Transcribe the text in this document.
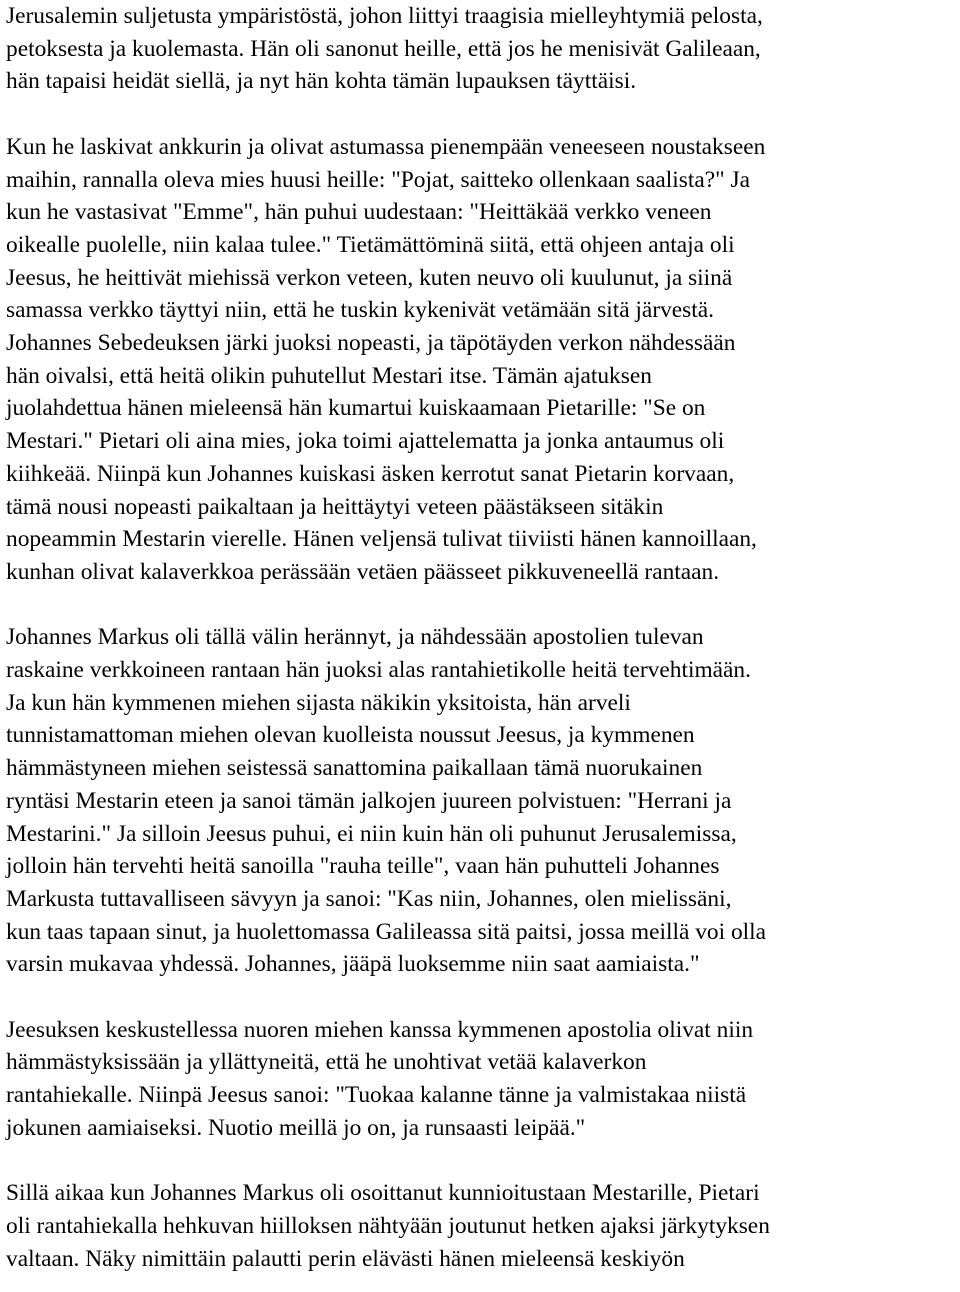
Jerusalemin suljetusta ympäristöstä, johon liittyi traagisia mielleyhtymiä pelosta,
petoksesta ja kuolemasta. Hän oli sanonut heille, että jos he menisivät Galileaan,
hän tapaisi heidät siellä, ja nyt hän kohta tämän lupauksen täyttäisi.

Kun he laskivat ankkurin ja olivat astumassa pienempään veneeseen noustakseen
maihin, rannalla oleva mies huusi heille: "Pojat, saitteko ollenkaan saalista?" Ja
kun he vastasivat "Emme", hän puhui uudestaan: "Heittäkää verkko veneen
oikealle puolelle, niin kalaa tulee." Tietämättöminä siitä, että ohjeen antaja oli
Jeesus, he heittivät miehissä verkon veteen, kuten neuvo oli kuulunut, ja siinä
samassa verkko täyttyi niin, että he tuskin kykenivät vetämään sitä järvestä.
Johannes Sebedeuksen järki juoksi nopeasti, ja täpötäyden verkon nähdessään
hän oivalsi, että heitä olikin puhutellut Mestari itse. Tämän ajatuksen
juolahdettua hänen mieleensä hän kumartui kuiskaamaan Pietarille: "Se on
Mestari." Pietari oli aina mies, joka toimi ajattelematta ja jonka antaumus oli
kiihkeää. Niinpä kun Johannes kuiskasi äsken kerrotut sanat Pietarin korvaan,
tämä nousi nopeasti paikaltaan ja heittäytyi veteen päästäkseen sitäkin
nopeammin Mestarin vierelle. Hänen veljensä tulivat tiiviisti hänen kannoillaan,
kunhan olivat kalaverkkoa perässään vetäen päässeet pikkuveneellä rantaan.

Johannes Markus oli tällä välin herännyt, ja nähdessään apostolien tulevan
raskaine verkkoineen rantaan hän juoksi alas rantahietikolle heitä tervehtimään.
Ja kun hän kymmenen miehen sijasta näkikin yksitoista, hän arveli
tunnistamattoman miehen olevan kuolleista noussut Jeesus, ja kymmenen
hämmästyneen miehen seistessä sanattomina paikallaan tämä nuorukainen
ryntäsi Mestarin eteen ja sanoi tämän jalkojen juureen polvistuen: "Herrani ja
Mestarini." Ja silloin Jeesus puhui, ei niin kuin hän oli puhunut Jerusalemissa,
jolloin hän tervehti heitä sanoilla "rauha teille", vaan hän puhutteli Johannes
Markusta tuttavalliseen sävyyn ja sanoi: "Kas niin, Johannes, olen mielissäni,
kun taas tapaan sinut, ja huolettomassa Galileassa sitä paitsi, jossa meillä voi olla
varsin mukavaa yhdessä. Johannes, jääpä luoksemme niin saat aamiaista."

Jeesuksen keskustellessa nuoren miehen kanssa kymmenen apostolia olivat niin
hämmästyksissään ja yllättyneitä, että he unohtivat vetää kalaverkon
rantahiekalle. Niinpä Jeesus sanoi: "Tuokaa kalanne tänne ja valmistakaa niistä
jokunen aamiaiseksi. Nuotio meillä jo on, ja runsaasti leipää."

Sillä aikaa kun Johannes Markus oli osoittanut kunnioitustaan Mestarille, Pietari
oli rantahiekalla hehkuvan hiilloksen nähtyään joutunut hetken ajaksi järkytyksen
valtaan. Näky nimittäin palautti perin elävästi hänen mieleensä keskiyön
